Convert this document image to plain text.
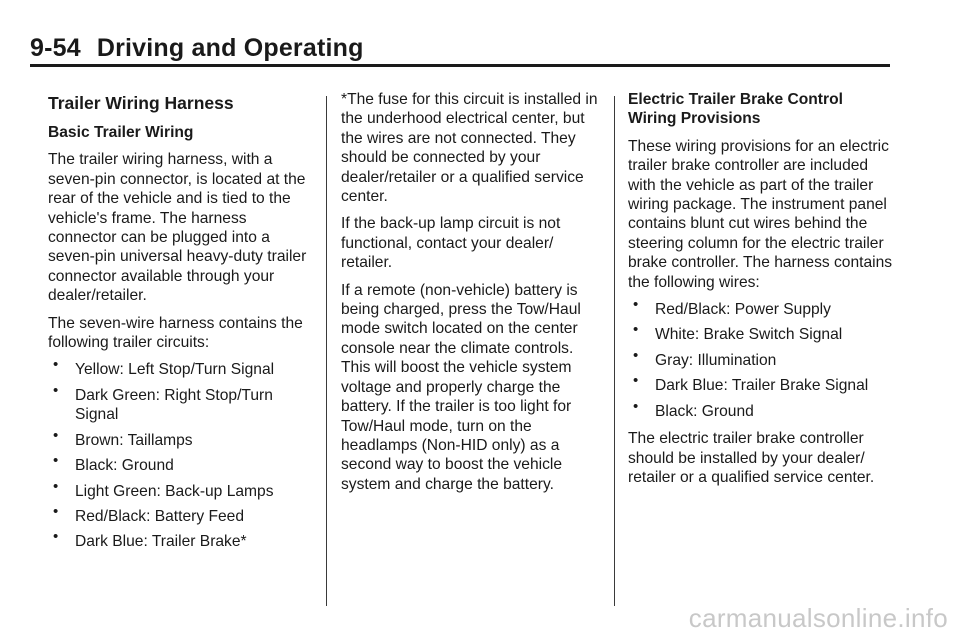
9-54 Driving and Operating
Trailer Wiring Harness
Basic Trailer Wiring

The trailer wiring harness, with a seven-pin connector, is located at the rear of the vehicle and is tied to the vehicle's frame. The harness connector can be plugged into a seven-pin universal heavy-duty trailer connector available through your dealer/retailer.

The seven-wire harness contains the following trailer circuits:

• Yellow: Left Stop/Turn Signal
• Dark Green: Right Stop/Turn Signal
• Brown: Taillamps
• Black: Ground
• Light Green: Back-up Lamps
• Red/Black: Battery Feed
• Dark Blue: Trailer Brake*

*The fuse for this circuit is installed in the underhood electrical center, but the wires are not connected. They should be connected by your dealer/retailer or a qualified service center.

If the back-up lamp circuit is not functional, contact your dealer/ retailer.

If a remote (non-vehicle) battery is being charged, press the Tow/Haul mode switch located on the center console near the climate controls. This will boost the vehicle system voltage and properly charge the battery. If the trailer is too light for Tow/Haul mode, turn on the headlamps (Non-HID only) as a second way to boost the vehicle system and charge the battery.

Electric Trailer Brake Control Wiring Provisions

These wiring provisions for an electric trailer brake controller are included with the vehicle as part of the trailer wiring package. The instrument panel contains blunt cut wires behind the steering column for the electric trailer brake controller. The harness contains the following wires:

• Red/Black: Power Supply
• White: Brake Switch Signal
• Gray: Illumination
• Dark Blue: Trailer Brake Signal
• Black: Ground

The electric trailer brake controller should be installed by your dealer/ retailer or a qualified service center.

carmanualsonline.info
